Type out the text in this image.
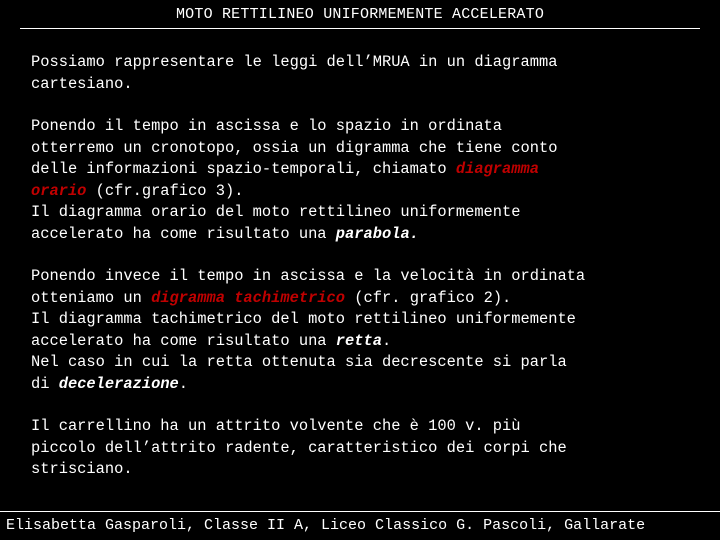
MOTO RETTILINEO UNIFORMEMENTE ACCELERATO
Possiamo rappresentare le leggi dell’MRUA in un diagramma
cartesiano.
Ponendo il tempo in ascissa e lo spazio in ordinata
otterremo un cronotopo, ossia un digramma che tiene conto
delle informazioni spazio-temporali, chiamato diagramma
orario (cfr.grafico 3).
Il diagramma orario del moto rettilineo uniformemente
accelerato ha come risultato una parabola.
Ponendo invece il tempo in ascissa e la velocità in ordinata
otteniamo un digramma tachimetrico (cfr. grafico 2).
Il diagramma tachimetrico del moto rettilineo uniformemente
accelerato ha come risultato una retta.
Nel caso in cui la retta ottenuta sia decrescente si parla
di decelerazione.
Il carrellino ha un attrito volvente che è 100 v. più
piccolo dell’attrito radente, caratteristico dei corpi che
strisciano.
Elisabetta Gasparoli, Classe II A, Liceo Classico G. Pascoli, Gallarate
